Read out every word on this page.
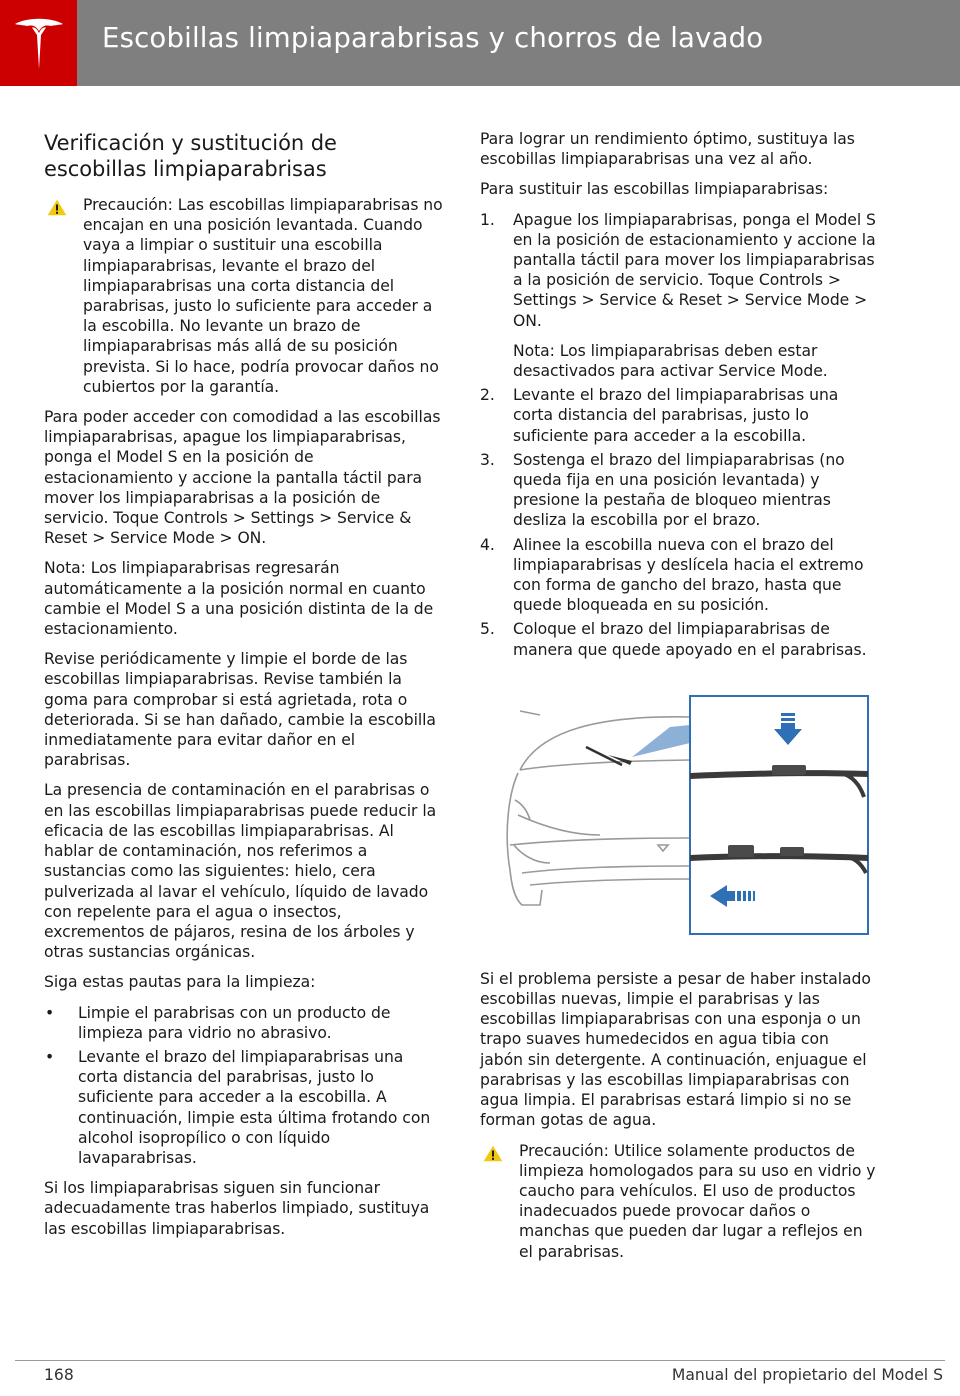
Escobillas limpiaparabrisas y chorros de lavado
Verificación y sustitución de escobillas limpiaparabrisas
Precaución: Las escobillas limpiaparabrisas no encajan en una posición levantada. Cuando vaya a limpiar o sustituir una escobilla limpiaparabrisas, levante el brazo del limpiaparabrisas una corta distancia del parabrisas, justo lo suficiente para acceder a la escobilla. No levante un brazo de limpiaparabrisas más allá de su posición prevista. Si lo hace, podría provocar daños no cubiertos por la garantía.

Para poder acceder con comodidad a las escobillas limpiaparabrisas, apague los limpiaparabrisas, ponga el Model S en la posición de estacionamiento y accione la pantalla táctil para mover los limpiaparabrisas a la posición de servicio. Toque Controls > Settings > Service & Reset > Service Mode > ON.

Nota: Los limpiaparabrisas regresarán automáticamente a la posición normal en cuanto cambie el Model S a una posición distinta de la de estacionamiento.

Revise periódicamente y limpie el borde de las escobillas limpiaparabrisas. Revise también la goma para comprobar si está agrietada, rota o deteriorada. Si se han dañado, cambie la escobilla inmediatamente para evitar dañor en el parabrisas.

La presencia de contaminación en el parabrisas o en las escobillas limpiaparabrisas puede reducir la eficacia de las escobillas limpiaparabrisas. Al hablar de contaminación, nos referimos a sustancias como las siguientes: hielo, cera pulverizada al lavar el vehículo, líquido de lavado con repelente para el agua o insectos, excrementos de pájaros, resina de los árboles y otras sustancias orgánicas.

Siga estas pautas para la limpieza:

• Limpie el parabrisas con un producto de limpieza para vidrio no abrasivo.
• Levante el brazo del limpiaparabrisas una corta distancia del parabrisas, justo lo suficiente para acceder a la escobilla. A continuación, limpie esta última frotando con alcohol isopropílico o con líquido lavaparabrisas.

Si los limpiaparabrisas siguen sin funcionar adecuadamente tras haberlos limpiado, sustituya las escobillas limpiaparabrisas.

Para lograr un rendimiento óptimo, sustituya las escobillas limpiaparabrisas una vez al año.

Para sustituir las escobillas limpiaparabrisas:

1. Apague los limpiaparabrisas, ponga el Model S en la posición de estacionamiento y accione la pantalla táctil para mover los limpiaparabrisas a la posición de servicio. Toque Controls > Settings > Service & Reset > Service Mode > ON.
Nota: Los limpiaparabrisas deben estar desactivados para activar Service Mode.
2. Levante el brazo del limpiaparabrisas una corta distancia del parabrisas, justo lo suficiente para acceder a la escobilla.
3. Sostenga el brazo del limpiaparabrisas (no queda fija en una posición levantada) y presione la pestaña de bloqueo mientras desliza la escobilla por el brazo.
4. Alinee la escobilla nueva con el brazo del limpiaparabrisas y deslícela hacia el extremo con forma de gancho del brazo, hasta que quede bloqueada en su posición.
5. Coloque el brazo del limpiaparabrisas de manera que quede apoyado en el parabrisas.

Si el problema persiste a pesar de haber instalado escobillas nuevas, limpie el parabrisas y las escobillas limpiaparabrisas con una esponja o un trapo suaves humedecidos en agua tibia con jabón sin detergente. A continuación, enjuague el parabrisas y las escobillas limpiaparabrisas con agua limpia. El parabrisas estará limpio si no se forman gotas de agua.

Precaución: Utilice solamente productos de limpieza homologados para su uso en vidrio y caucho para vehículos. El uso de productos inadecuados puede provocar daños o manchas que pueden dar lugar a reflejos en el parabrisas.
168	Manual del propietario del Model S
